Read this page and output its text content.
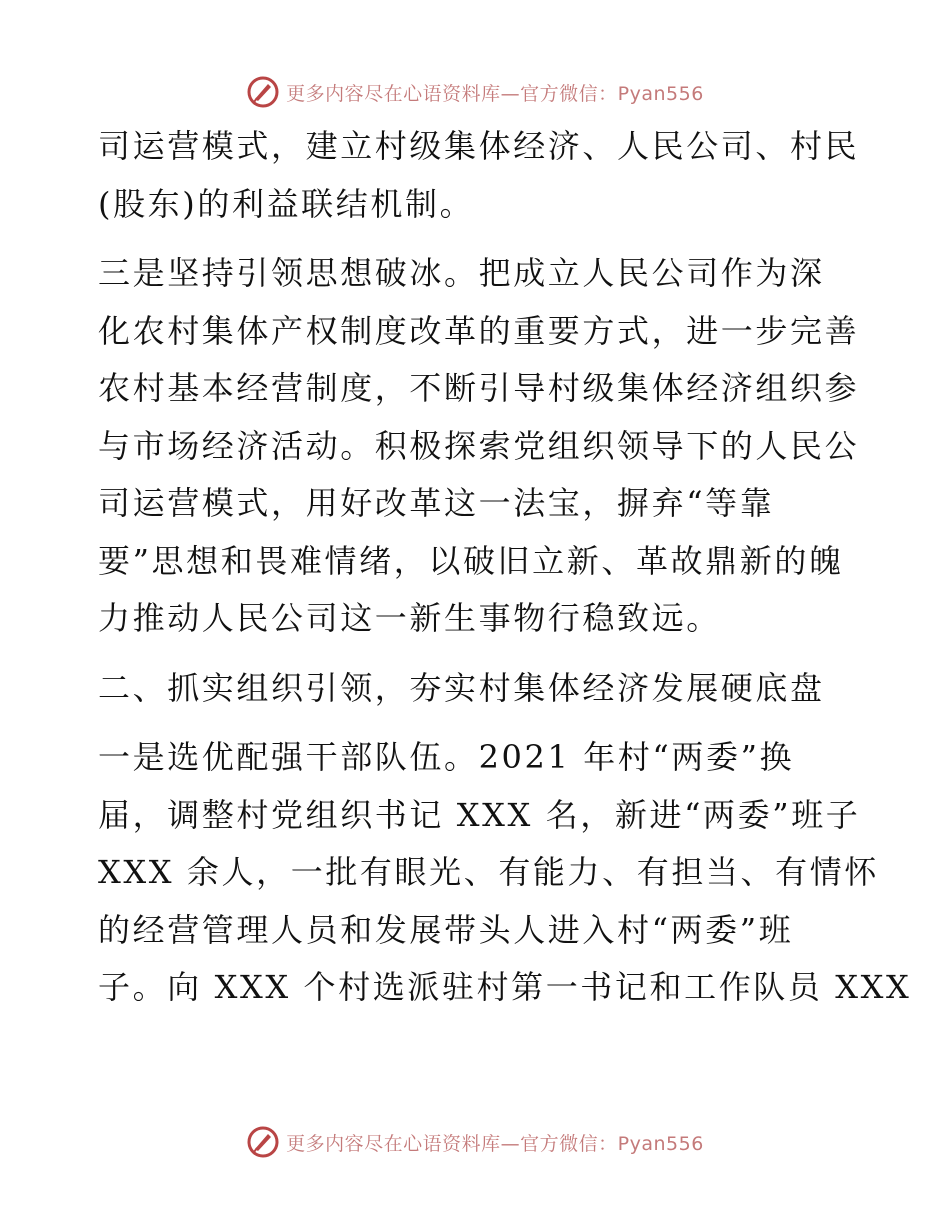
更多内容尽在心语资料库—官方微信：Pyan556
司运营模式，建立村级集体经济、人民公司、村民
(股东)的利益联结机制。
三是坚持引领思想破冰。把成立人民公司作为深
化农村集体产权制度改革的重要方式，进一步完善
农村基本经营制度，不断引导村级集体经济组织参
与市场经济活动。积极探索党组织领导下的人民公
司运营模式，用好改革这一法宝，摒弃“等靠
要”思想和畏难情绪，以破旧立新、革故鼎新的魄
力推动人民公司这一新生事物行稳致远。
二、抓实组织引领，夯实村集体经济发展硬底盘
一是选优配强干部队伍。2021 年村“两委”换
届，调整村党组织书记 XXX 名，新进“两委”班子
XXX 余人，一批有眼光、有能力、有担当、有情怀
的经营管理人员和发展带头人进入村“两委”班
子。向 XXX 个村选派驻村第一书记和工作队员 XXX
更多内容尽在心语资料库—官方微信：Pyan556
